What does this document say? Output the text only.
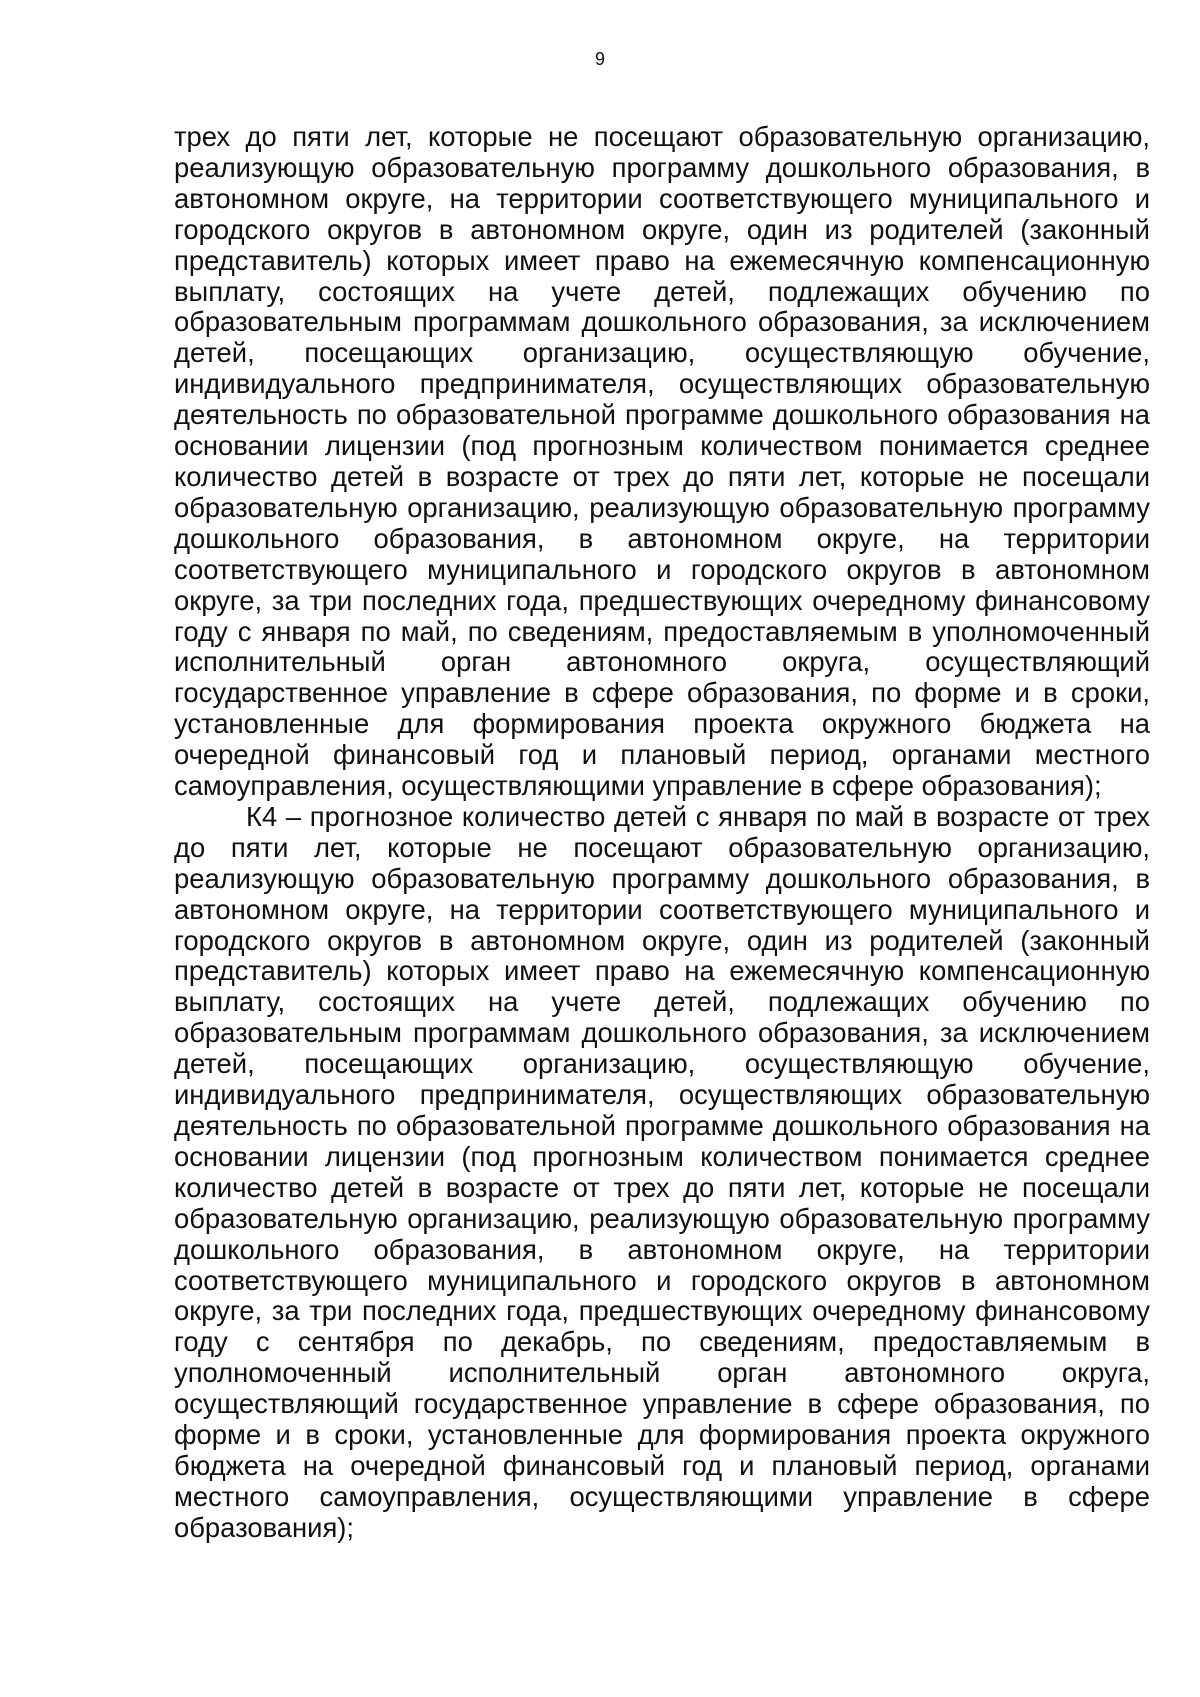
9

трех до пяти лет, которые не посещают образовательную организацию, реализующую образовательную программу дошкольного образования, в автономном округе, на территории соответствующего муниципального и городского округов в автономном округе, один из родителей (законный представитель) которых имеет право на ежемесячную компенсационную выплату, состоящих на учете детей, подлежащих обучению по образовательным программам дошкольного образования, за исключением детей, посещающих организацию, осуществляющую обучение, индивидуального предпринимателя, осуществляющих образовательную деятельность по образовательной программе дошкольного образования на основании лицензии (под прогнозным количеством понимается среднее количество детей в возрасте от трех до пяти лет, которые не посещали образовательную организацию, реализующую образовательную программу дошкольного образования, в автономном округе, на территории соответствующего муниципального и городского округов в автономном округе, за три последних года, предшествующих очередному финансовому году с января по май, по сведениям, предоставляемым в уполномоченный исполнительный орган автономного округа, осуществляющий государственное управление в сфере образования, по форме и в сроки, установленные для формирования проекта окружного бюджета на очередной финансовый год и плановый период, органами местного самоуправления, осуществляющими управление в сфере образования);

К4 – прогнозное количество детей с января по май в возрасте от трех до пяти лет, которые не посещают образовательную организацию, реализующую образовательную программу дошкольного образования, в автономном округе, на территории соответствующего муниципального и городского округов в автономном округе, один из родителей (законный представитель) которых имеет право на ежемесячную компенсационную выплату, состоящих на учете детей, подлежащих обучению по образовательным программам дошкольного образования, за исключением детей, посещающих организацию, осуществляющую обучение, индивидуального предпринимателя, осуществляющих образовательную деятельность по образовательной программе дошкольного образования на основании лицензии (под прогнозным количеством понимается среднее количество детей в возрасте от трех до пяти лет, которые не посещали образовательную организацию, реализующую образовательную программу дошкольного образования, в автономном округе, на территории соответствующего муниципального и городского округов в автономном округе, за три последних года, предшествующих очередному финансовому году с сентября по декабрь, по сведениям, предоставляемым в уполномоченный исполнительный орган автономного округа, осуществляющий государственное управление в сфере образования, по форме и в сроки, установленные для формирования проекта окружного бюджета на очередной финансовый год и плановый период, органами местного самоуправления, осуществляющими управление в сфере образования);
